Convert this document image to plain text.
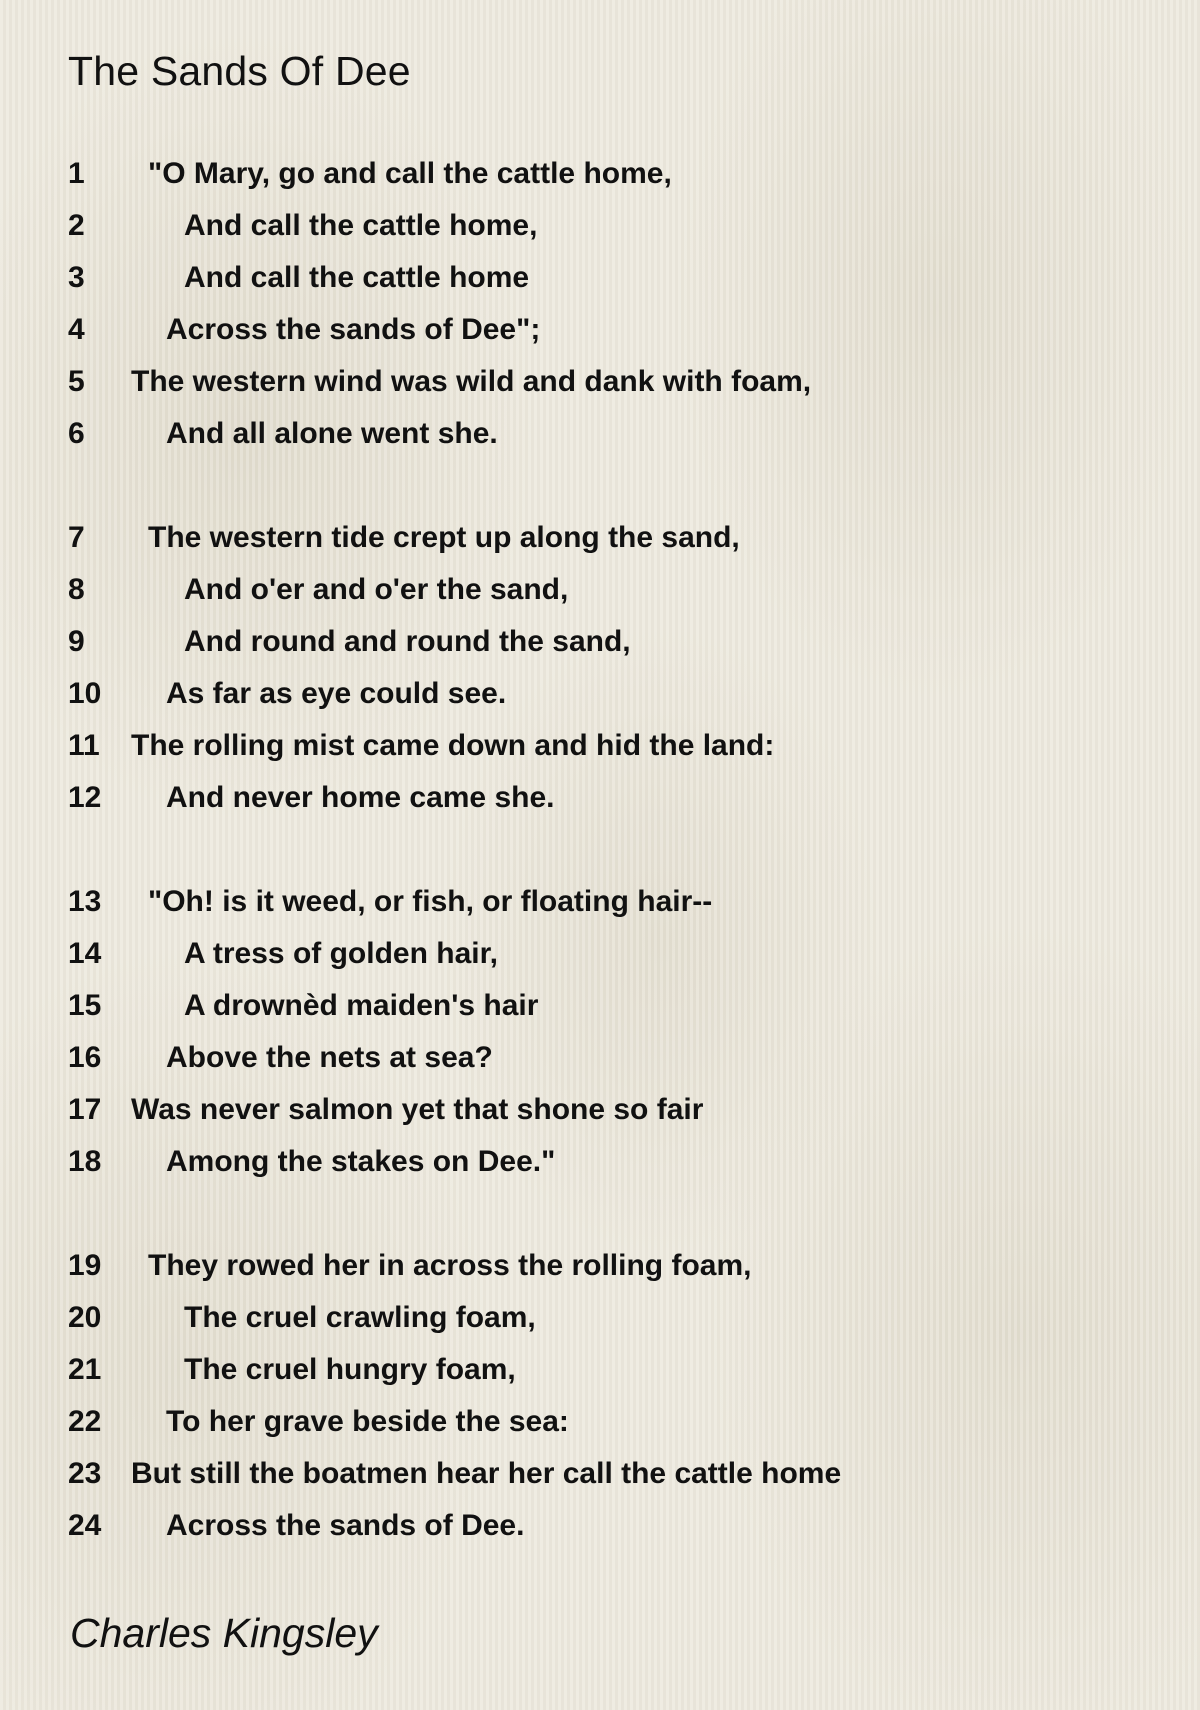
The Sands Of Dee
1 "O Mary, go and call the cattle home,
2	And call the cattle home,
3	And call the cattle home
4	Across the sands of Dee";
5 The western wind was wild and dank with foam,
6	And all alone went she.
7 The western tide crept up along the sand,
8	And o'er and o'er the sand,
9	And round and round the sand,
10 As far as eye could see.
11 The rolling mist came down and hid the land:
12 And never home came she.
13 "Oh! is it weed, or fish, or floating hair--
14	A tress of golden hair,
15	A drownèd maiden's hair
16 Above the nets at sea?
17 Was never salmon yet that shone so fair
18 Among the stakes on Dee."
19 They rowed her in across the rolling foam,
20	The cruel crawling foam,
21	The cruel hungry foam,
22 To her grave beside the sea:
23 But still the boatmen hear her call the cattle home
24 Across the sands of Dee.

Charles Kingsley
